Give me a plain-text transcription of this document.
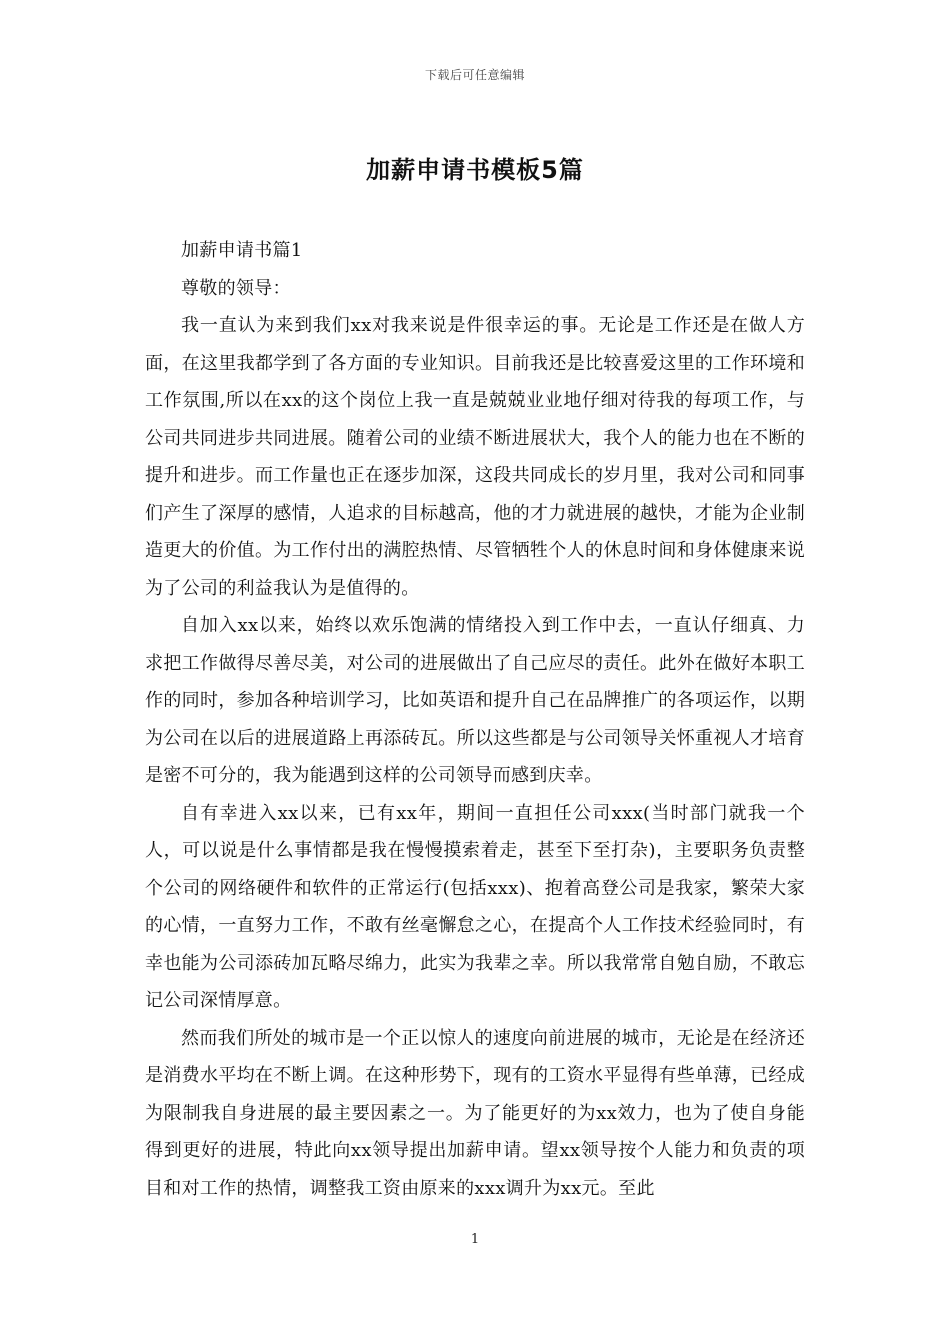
下载后可任意编辑
加薪申请书模板5篇

加薪申请书篇1

尊敬的领导：

我一直认为来到我们xx对我来说是件很幸运的事。无论是工作还是在做人方面，在这里我都学到了各方面的专业知识。目前我还是比较喜爱这里的工作环境和工作氛围,所以在xx的这个岗位上我一直是兢兢业业地仔细对待我的每项工作，与公司共同进步共同进展。随着公司的业绩不断进展状大，我个人的能力也在不断的提升和进步。而工作量也正在逐步加深，这段共同成长的岁月里，我对公司和同事们产生了深厚的感情，人追求的目标越高，他的才力就进展的越快，才能为企业制造更大的价值。为工作付出的满腔热情、尽管牺牲个人的休息时间和身体健康来说为了公司的利益我认为是值得的。

自加入xx以来，始终以欢乐饱满的情绪投入到工作中去，一直认仔细真、力求把工作做得尽善尽美，对公司的进展做出了自己应尽的责任。此外在做好本职工作的同时，参加各种培训学习，比如英语和提升自己在品牌推广的各项运作，以期为公司在以后的进展道路上再添砖瓦。所以这些都是与公司领导关怀重视人才培育是密不可分的，我为能遇到这样的公司领导而感到庆幸。

自有幸进入xx以来，已有xx年，期间一直担任公司xxx(当时部门就我一个人，可以说是什么事情都是我在慢慢摸索着走，甚至下至打杂)，主要职务负责整个公司的网络硬件和软件的正常运行(包括xxx)、抱着高登公司是我家，繁荣大家的心情，一直努力工作，不敢有丝毫懈怠之心，在提高个人工作技术经验同时，有幸也能为公司添砖加瓦略尽绵力，此实为我辈之幸。所以我常常自勉自励，不敢忘记公司深情厚意。

然而我们所处的城市是一个正以惊人的速度向前进展的城市，无论是在经济还是消费水平均在不断上调。在这种形势下，现有的工资水平显得有些单薄，已经成为限制我自身进展的最主要因素之一。为了能更好的为xx效力，也为了使自身能得到更好的进展，特此向xx领导提出加薪申请。望xx领导按个人能力和负责的项目和对工作的热情，调整我工资由原来的xxx调升为xx元。至此

1
